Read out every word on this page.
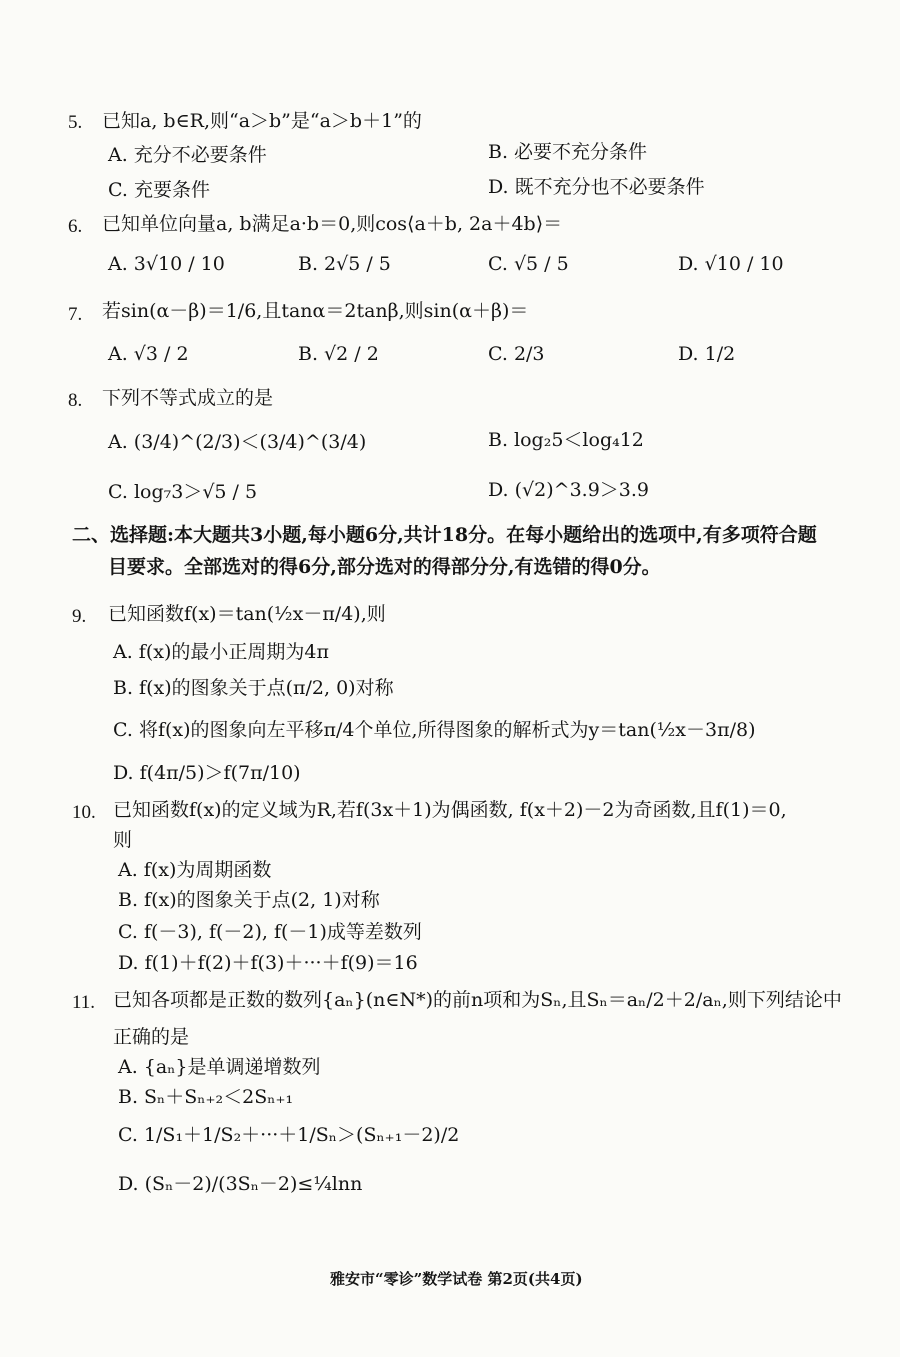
5. 已知a, b∈R,则“a＞b”是“a＞b＋1”的
A. 充分不必要条件	B. 必要不充分条件
C. 充要条件	D. 既不充分也不必要条件
6. 已知单位向量a, b满足a·b＝0,则cos⟨a＋b, 2a＋4b⟩＝
A. 3√10 / 10	B. 2√5 / 5	C. √5 / 5	D. √10 / 10
7. 若sin(α－β)＝1/6,且tanα＝2tanβ,则sin(α＋β)＝
A. √3 / 2	B. √2 / 2	C. 2/3	D. 1/2
8. 下列不等式成立的是
A. (3/4)^(2/3)＜(3/4)^(3/4)	B. log₂5＜log₄12
C. log₇3＞√5 / 5	D. (√2)^3.9＞3.9
二、选择题:本大题共3小题,每小题6分,共计18分。在每小题给出的选项中,有多项符合题
目要求。全部选对的得6分,部分选对的得部分分,有选错的得0分。
9. 已知函数f(x)＝tan(½x－π/4),则
A. f(x)的最小正周期为4π
B. f(x)的图象关于点(π/2, 0)对称
C. 将f(x)的图象向左平移π/4个单位,所得图象的解析式为y＝tan(½x－3π/8)
D. f(4π/5)＞f(7π/10)
10. 已知函数f(x)的定义域为R,若f(3x＋1)为偶函数, f(x＋2)－2为奇函数,且f(1)＝0,
则
A. f(x)为周期函数
B. f(x)的图象关于点(2, 1)对称
C. f(－3), f(－2), f(－1)成等差数列
D. f(1)＋f(2)＋f(3)＋···＋f(9)＝16
11. 已知各项都是正数的数列{aₙ}(n∈N*)的前n项和为Sₙ,且Sₙ＝aₙ/2＋2/aₙ,则下列结论中
正确的是
A. {aₙ}是单调递增数列
B. Sₙ＋Sₙ₊₂＜2Sₙ₊₁
C. 1/S₁＋1/S₂＋···＋1/Sₙ＞(Sₙ₊₁－2)/2
D. (Sₙ－2)/(3Sₙ－2)≤¼lnn
雅安市“零诊”数学试卷 第2页(共4页)
